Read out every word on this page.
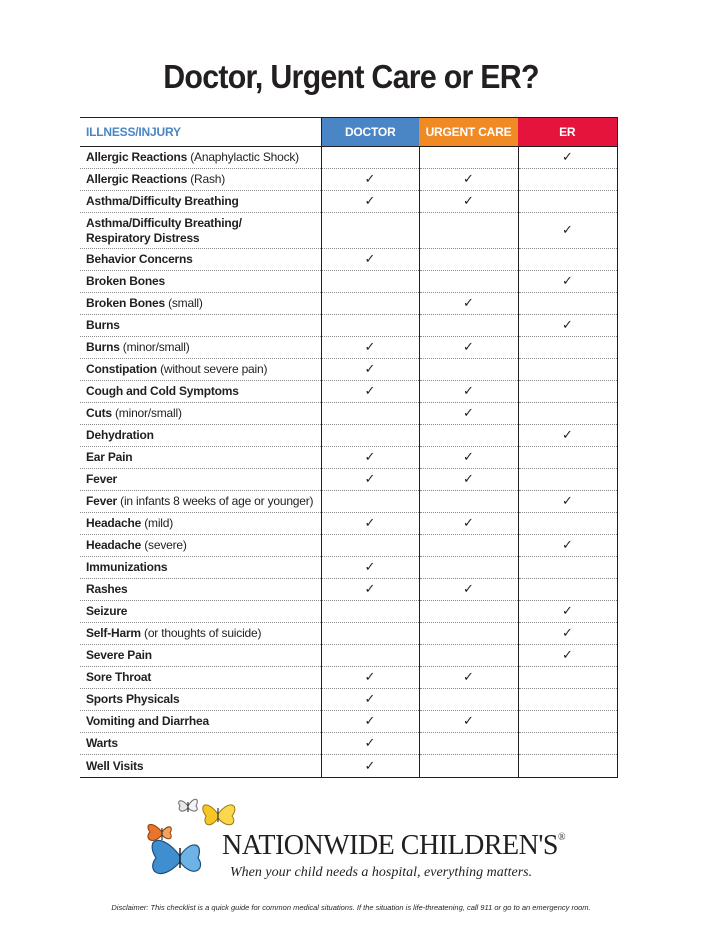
Doctor, Urgent Care or ER?
ILLNESS/INJURY	DOCTOR	URGENT CARE	ER
Allergic Reactions (Anaphylactic Shock)			✓
Allergic Reactions (Rash)	✓	✓	
Asthma/Difficulty Breathing	✓	✓	
Asthma/Difficulty Breathing/
Respiratory Distress			✓
Behavior Concerns	✓		
Broken Bones			✓
Broken Bones (small)		✓	
Burns			✓
Burns (minor/small)	✓	✓	
Constipation (without severe pain)	✓		
Cough and Cold Symptoms	✓	✓	
Cuts (minor/small)		✓	
Dehydration			✓
Ear Pain	✓	✓	
Fever	✓	✓	
Fever (in infants 8 weeks of age or younger)			✓
Headache (mild)	✓	✓	
Headache (severe)			✓
Immunizations	✓		
Rashes	✓	✓	
Seizure			✓
Self-Harm (or thoughts of suicide)			✓
Severe Pain			✓
Sore Throat	✓	✓	
Sports Physicals	✓		
Vomiting and Diarrhea	✓	✓	
Warts	✓		
Well Visits	✓		
NATIONWIDE CHILDREN'S®
When your child needs a hospital, everything matters.
Disclaimer: This checklist is a quick guide for common medical situations. If the situation is life-threatening, call 911 or go to an emergency room.
